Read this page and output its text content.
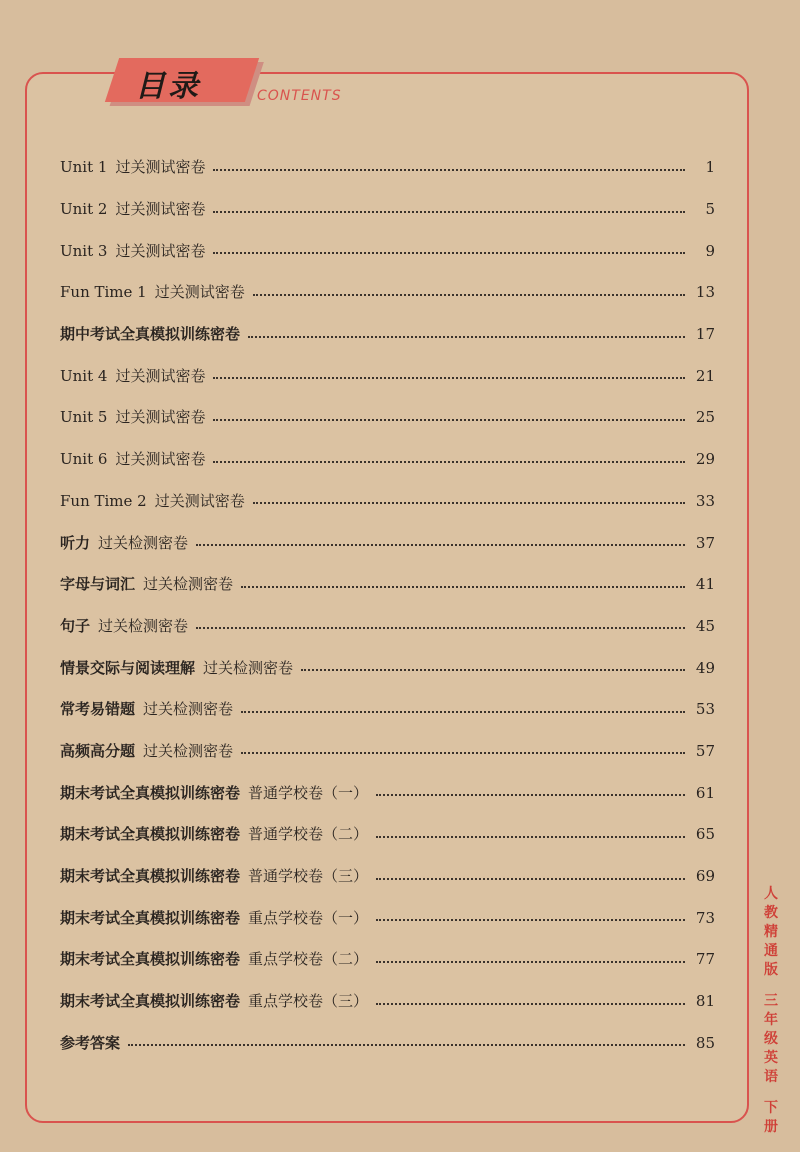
目录	CONTENTS
Unit 1 过关测试密卷	1
Unit 2 过关测试密卷	5
Unit 3 过关测试密卷	9
Fun Time 1 过关测试密卷	13
期中考试全真模拟训练密卷	17
Unit 4 过关测试密卷	21
Unit 5 过关测试密卷	25
Unit 6 过关测试密卷	29
Fun Time 2 过关测试密卷	33
听力 过关检测密卷	37
字母与词汇 过关检测密卷	41
句子 过关检测密卷	45
情景交际与阅读理解 过关检测密卷	49
常考易错题 过关检测密卷	53
高频高分题 过关检测密卷	57
期末考试全真模拟训练密卷 普通学校卷（一）	61
期末考试全真模拟训练密卷 普通学校卷（二）	65
期末考试全真模拟训练密卷 普通学校卷（三）	69
期末考试全真模拟训练密卷 重点学校卷（一）	73
期末考试全真模拟训练密卷 重点学校卷（二）	77
期末考试全真模拟训练密卷 重点学校卷（三）	81
参考答案	85
人
教
精
通
版
三
年
级
英
语
下
册
